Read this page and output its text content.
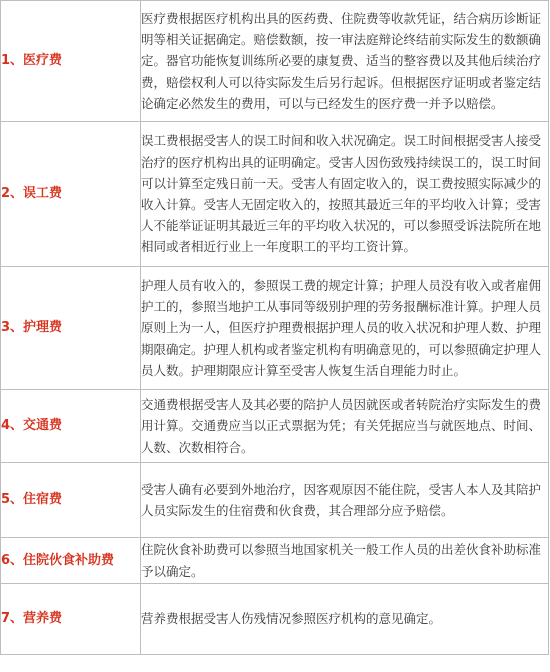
1、医疗费	医疗费根据医疗机构出具的医药费、住院费等收款凭证，结合病历诊断证明等相关证据确定。赔偿数额，按一审法庭辩论终结前实际发生的数额确定。器官功能恢复训练所必要的康复费、适当的整容费以及其他后续治疗费，赔偿权利人可以待实际发生后另行起诉。但根据医疗证明或者鉴定结论确定必然发生的费用，可以与已经发生的医疗费一并予以赔偿。
2、误工费	误工费根据受害人的误工时间和收入状况确定。误工时间根据受害人接受治疗的医疗机构出具的证明确定。受害人因伤致残持续误工的，误工时间可以计算至定残日前一天。受害人有固定收入的，误工费按照实际减少的收入计算。受害人无固定收入的，按照其最近三年的平均收入计算；受害人不能举证证明其最近三年的平均收入状况的，可以参照受诉法院所在地相同或者相近行业上一年度职工的平均工资计算。
3、护理费	护理人员有收入的，参照误工费的规定计算；护理人员没有收入或者雇佣护工的，参照当地护工从事同等级别护理的劳务报酬标准计算。护理人员原则上为一人，但医疗护理费根据护理人员的收入状况和护理人数、护理期限确定。护理人机构或者鉴定机构有明确意见的，可以参照确定护理人员人数。护理期限应计算至受害人恢复生活自理能力时止。
4、交通费	交通费根据受害人及其必要的陪护人员因就医或者转院治疗实际发生的费用计算。交通费应当以正式票据为凭；有关凭据应当与就医地点、时间、人数、次数相符合。
5、住宿费	受害人确有必要到外地治疗，因客观原因不能住院，受害人本人及其陪护人员实际发生的住宿费和伙食费，其合理部分应予赔偿。
6、住院伙食补助费	住院伙食补助费可以参照当地国家机关一般工作人员的出差伙食补助标准予以确定。
7、营养费	营养费根据受害人伤残情况参照医疗机构的意见确定。
